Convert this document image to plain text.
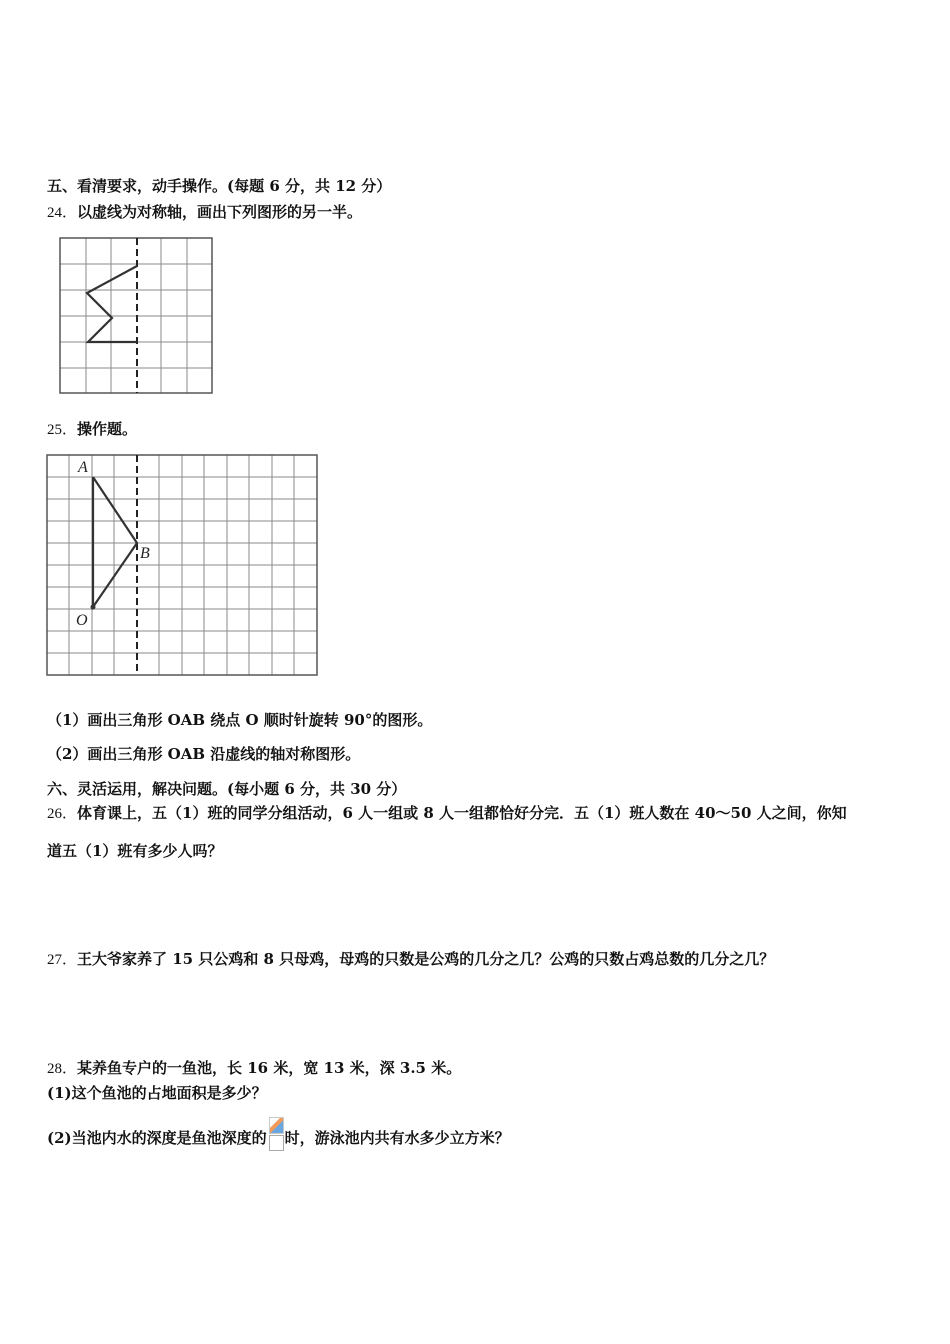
五、看清要求，动手操作。(每题 6 分，共 12 分）
24．以虚线为对称轴，画出下列图形的另一半。
25．操作题。
A
B
O
（1）画出三角形 OAB 绕点 O 顺时针旋转 90°的图形。
（2）画出三角形 OAB 沿虚线的轴对称图形。
六、灵活运用，解决问题。(每小题 6 分，共 30 分）
26．体育课上，五（1）班的同学分组活动，6 人一组或 8 人一组都恰好分完．五（1）班人数在 40～50 人之间，你知
道五（1）班有多少人吗？
27．王大爷家养了 15 只公鸡和 8 只母鸡，母鸡的只数是公鸡的几分之几？公鸡的只数占鸡总数的几分之几？
28．某养鱼专户的一鱼池，长 16 米，宽 13 米，深 3.5 米。
(1)这个鱼池的占地面积是多少？
(2)当池内水的深度是鱼池深度的 时，游泳池内共有水多少立方米？
